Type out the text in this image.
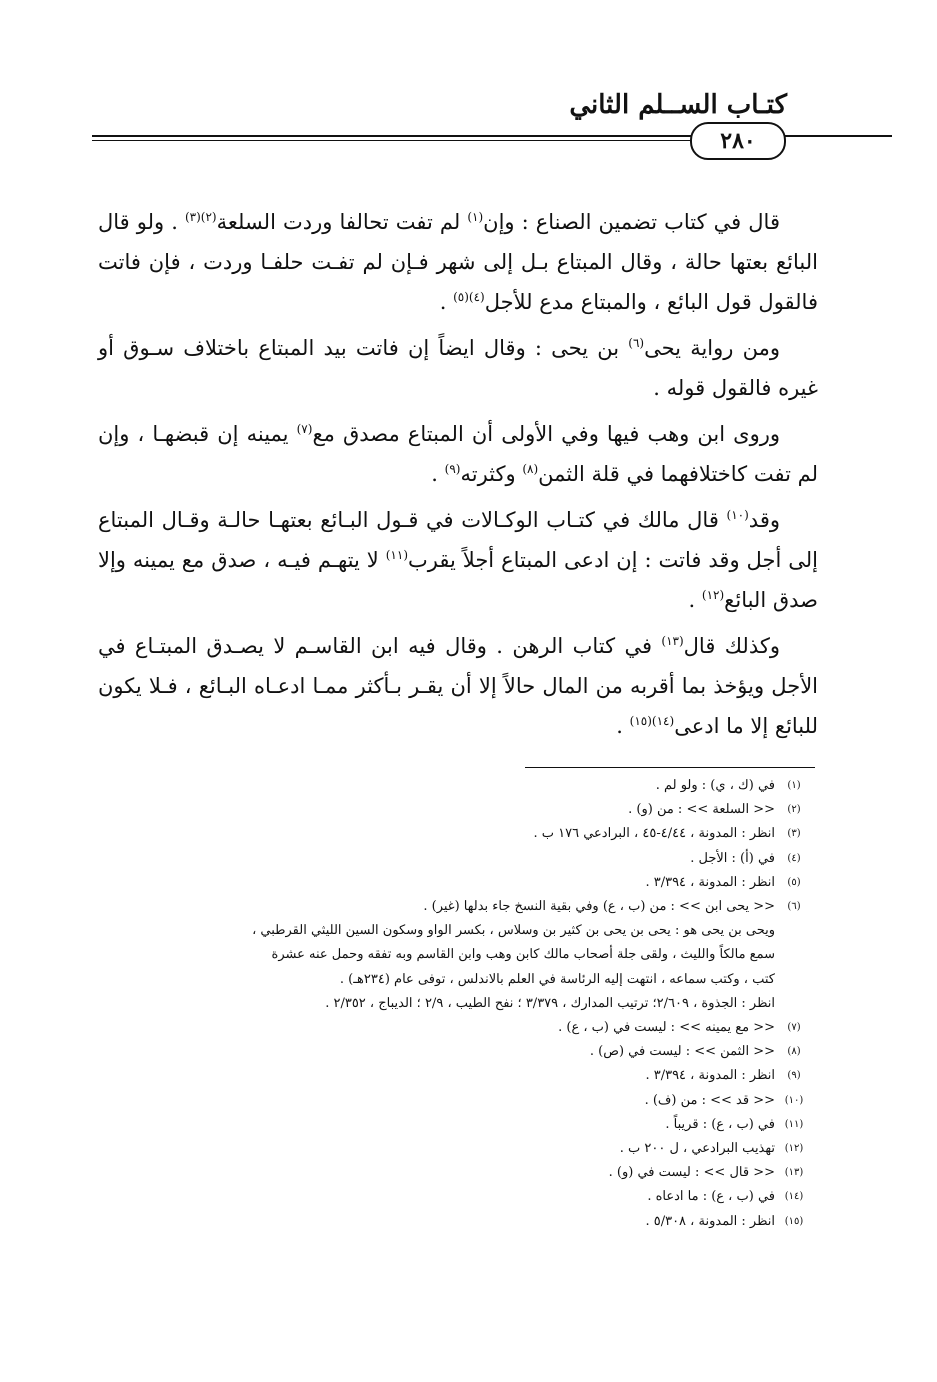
كتـاب الســلم الثاني
٢٨٠

قال في كتاب تضمين الصناع : وإن$^{(١)}$ لم تفت تحالفا وردت السلعة$^{(٢)(٣)}$ . ولو قال البائع بعتها حالة ، وقال المبتاع بـل إلى شهر فـإن لم تفـت حلفـا وردت ، فإن فاتت فالقول قول البائع ، والمبتاع مدع للأجل$^{(٤)(٥)}$ .

ومن رواية يحى$^{(٦)}$ بن يحى : وقال ايضاً إن فاتت بيد المبتاع باختلاف سـوق أو غيره فالقول قوله .

وروى ابن وهب فيها وفي الأولى أن المبتاع مصدق مع$^{(٧)}$ يمينه إن قبضهـا ، وإن لم تفت كاختلافهما في قلة الثمن$^{(٨)}$ وكثرته$^{(٩)}$ .

وقد$^{(١٠)}$ قال مالك في كتـاب الوكـالات في قـول البـائع بعتهـا حالـة وقـال المبتاع إلى أجل وقد فاتت : إن ادعى المبتاع أجلاً يقرب$^{(١١)}$ لا يتهـم فيـه ، صدق مع يمينه وإلا صدق البائع$^{(١٢)}$ .

وكذلك قال$^{(١٣)}$ في كتاب الرهن . وقال فيه ابن القاسـم لا يصـدق المبتـاع في الأجل ويؤخذ بما أقربه من المال حالاً إلا أن يقـر بـأكثر ممـا ادعـاه البـائع ، فـلا يكون للبائع إلا ما ادعى$^{(١٤)(١٥)}$ .

(١)
في (ك ، ي) : ولو لم .
(٢)
<< السلعة >> : من (و) .
(٣)
انظر : المدونة ، ٤/٤٤-٤٥ ، البرادعي ١٧٦ ب .
(٤)
في (أ) : الأجل .
(٥)
انظر : المدونة ، ٣/٣٩٤ .
(٦)
<< يحى ابن >> : من (ب ، ع) وفي بقية النسخ جاء بدلها (غير) .
ويحى بن يحى هو : يحى بن يحى بن كثير بن وسلاس ، بكسر الواو وسكون السين الليثي القرطبي ،
سمع مالكاً والليث ، ولقى جلة أصحاب مالك كابن وهب وابن القاسم وبه تفقه وحمل عنه عشرة
كتب ، وكتب سماعه ، انتهت إليه الرئاسة في العلم بالاندلس ، توفى عام (٢٣٤هـ) .
انظر : الجذوة ، ٢/٦٠٩؛ ترتيب المدارك ، ٣/٣٧٩ ؛ نفح الطيب ، ٢/٩ ؛ الديباج ، ٢/٣٥٢ .
(٧)
<< مع يمينه >> : ليست في (ب ، ع) .
(٨)
<< الثمن >> : ليست في (ص) .
(٩)
انظر : المدونة ، ٣/٣٩٤ .
(١٠)
<< قد >> : من (ف) .
(١١)
في (ب ، ع) : قريباً .
(١٢)
تهذيب البرادعي ، ل ٢٠٠ ب .
(١٣)
<< قال >> : ليست في (و) .
(١٤)
في (ب ، ع) : ما ادعاه .
(١٥)
انظر : المدونة ، ٥/٣٠٨ .
